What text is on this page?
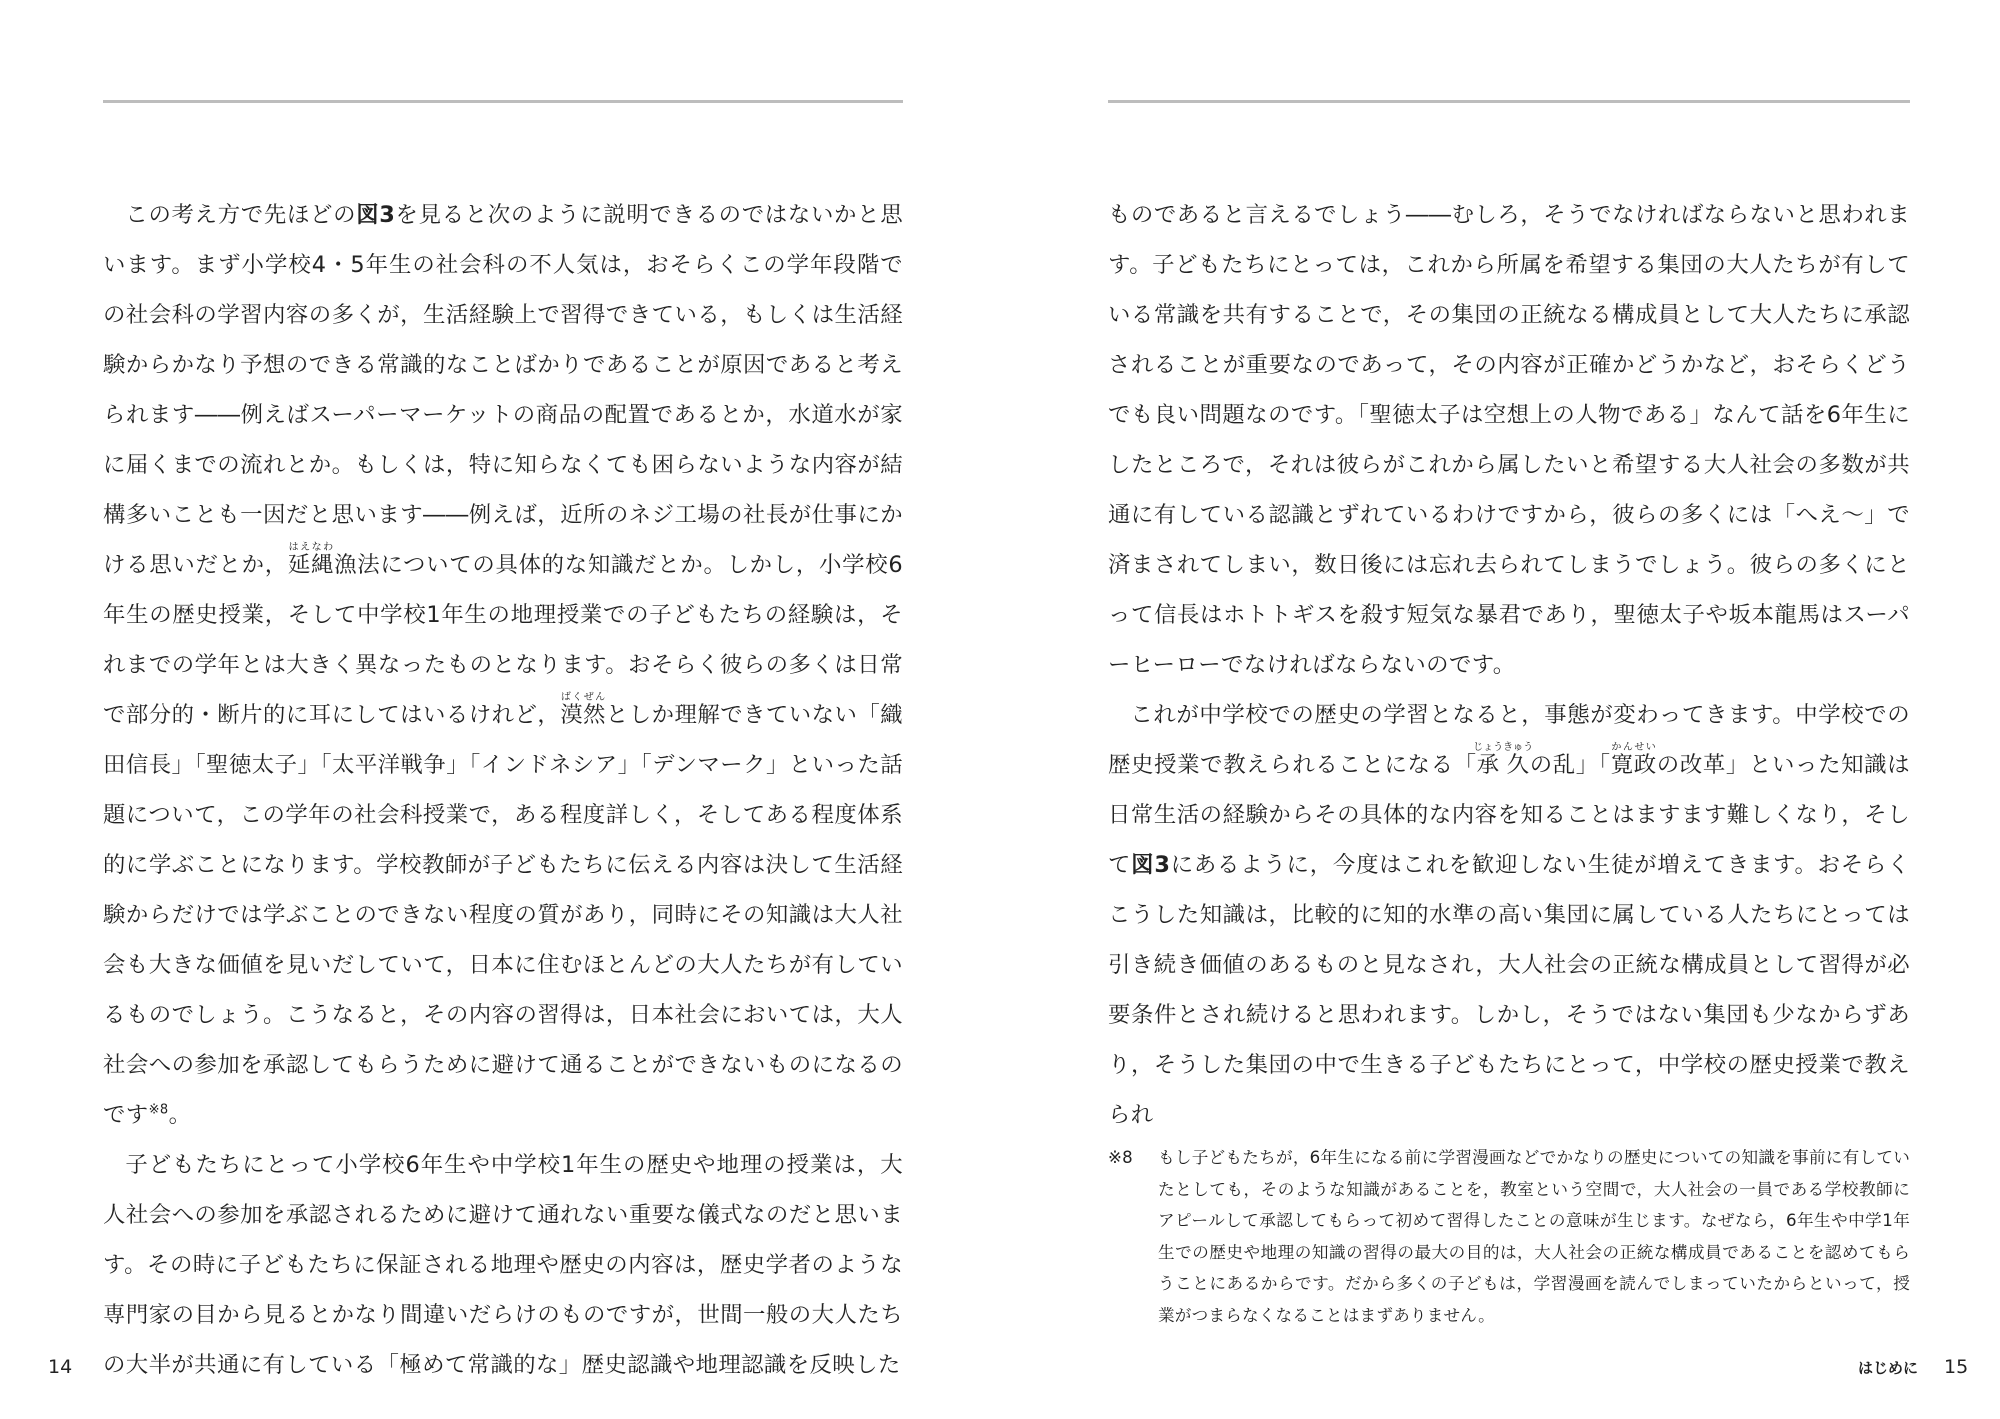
この考え方で先ほどの図3を見ると次のように説明できるのではないかと思います。まず小学校4・5年生の社会科の不人気は，おそらくこの学年段階での社会科の学習内容の多くが，生活経験上で習得できている，もしくは生活経験からかなり予想のできる常識的なことばかりであることが原因であると考えられます――例えばスーパーマーケットの商品の配置であるとか，水道水が家に届くまでの流れとか。もしくは，特に知らなくても困らないような内容が結構多いことも一因だと思います――例えば，近所のネジ工場の社長が仕事にかける思いだとか，延縄はえなわ漁法についての具体的な知識だとか。しかし，小学校6年生の歴史授業，そして中学校1年生の地理授業での子どもたちの経験は，それまでの学年とは大きく異なったものとなります。おそらく彼らの多くは日常で部分的・断片的に耳にしてはいるけれど，漠然ばくぜんとしか理解できていない「織田信長」「聖徳太子」「太平洋戦争」「インドネシア」「デンマーク」といった話題について，この学年の社会科授業で，ある程度詳しく，そしてある程度体系的に学ぶことになります。学校教師が子どもたちに伝える内容は決して生活経験からだけでは学ぶことのできない程度の質があり，同時にその知識は大人社会も大きな価値を見いだしていて，日本に住むほとんどの大人たちが有しているものでしょう。こうなると，その内容の習得は，日本社会においては，大人社会への参加を承認してもらうために避けて通ることができないものになるのです$^{※8}$。

子どもたちにとって小学校6年生や中学校1年生の歴史や地理の授業は，大人社会への参加を承認されるために避けて通れない重要な儀式なのだと思います。その時に子どもたちに保証される地理や歴史の内容は，歴史学者のような専門家の目から見るとかなり間違いだらけのものですが，世間一般の大人たちの大半が共通に有している「極めて常識的な」歴史認識や地理認識を反映した

14

ものであると言えるでしょう――むしろ，そうでなければならないと思われます。子どもたちにとっては，これから所属を希望する集団の大人たちが有している常識を共有することで，その集団の正統なる構成員として大人たちに承認されることが重要なのであって，その内容が正確かどうかなど，おそらくどうでも良い問題なのです。「聖徳太子は空想上の人物である」なんて話を6年生にしたところで，それは彼らがこれから属したいと希望する大人社会の多数が共通に有している認識とずれているわけですから，彼らの多くには「へえ～」で済まされてしまい，数日後には忘れ去られてしまうでしょう。彼らの多くにとって信長はホトトギスを殺す短気な暴君であり，聖徳太子や坂本龍馬はスーパーヒーローでなければならないのです。

これが中学校での歴史の学習となると，事態が変わってきます。中学校での歴史授業で教えられることになる「承久じょうきゅうの乱」「寛政かんせいの改革」といった知識は日常生活の経験からその具体的な内容を知ることはますます難しくなり，そして図3にあるように，今度はこれを歓迎しない生徒が増えてきます。おそらくこうした知識は，比較的に知的水準の高い集団に属している人たちにとっては引き続き価値のあるものと見なされ，大人社会の正統な構成員として習得が必要条件とされ続けると思われます。しかし，そうではない集団も少なからずあり，そうした集団の中で生きる子どもたちにとって，中学校の歴史授業で教えられ

※8	もし子どもたちが，6年生になる前に学習漫画などでかなりの歴史についての知識を事前に有していたとしても，そのような知識があることを，教室という空間で，大人社会の一員である学校教師にアピールして承認してもらって初めて習得したことの意味が生じます。なぜなら，6年生や中学1年生での歴史や地理の知識の習得の最大の目的は，大人社会の正統な構成員であることを認めてもらうことにあるからです。だから多くの子どもは，学習漫画を読んでしまっていたからといって，授業がつまらなくなることはまずありません。
はじめに 15
